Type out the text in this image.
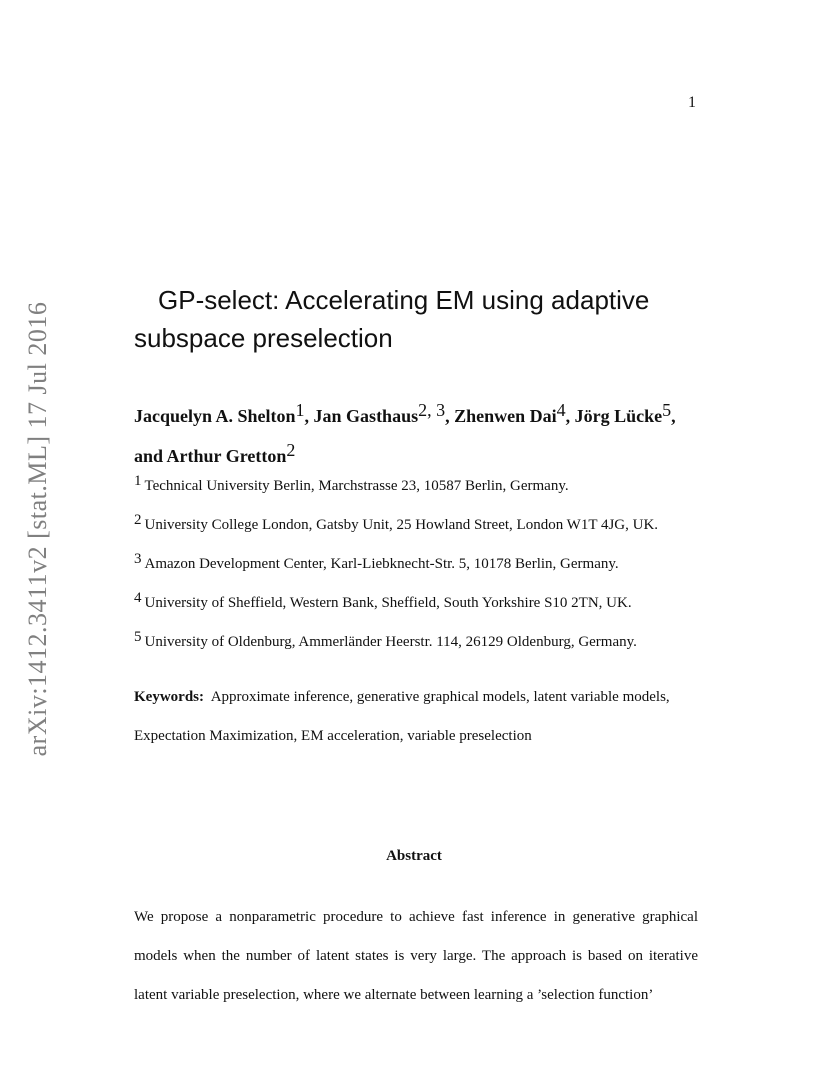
1
arXiv:1412.3411v2 [stat.ML] 17 Jul 2016
GP-select: Accelerating EM using adaptive
subspace preselection
Jacquelyn A. Shelton$^1$, Jan Gasthaus$^{2, 3}$, Zhenwen Dai$^4$, Jörg Lücke$^5$,
and Arthur Gretton$^2$
$^1$ Technical University Berlin, Marchstrasse 23, 10587 Berlin, Germany.
$^2$ University College London, Gatsby Unit, 25 Howland Street, London W1T 4JG, UK.
$^3$ Amazon Development Center, Karl-Liebknecht-Str. 5, 10178 Berlin, Germany.
$^4$ University of Sheffield, Western Bank, Sheffield, South Yorkshire S10 2TN, UK.
$^5$ University of Oldenburg, Ammerländer Heerstr. 114, 26129 Oldenburg, Germany.
Keywords: Approximate inference, generative graphical models, latent variable models, Expectation Maximization, EM acceleration, variable preselection
Abstract
We propose a nonparametric procedure to achieve fast inference in generative graphical models when the number of latent states is very large. The approach is based on iterative latent variable preselection, where we alternate between learning a ’selection function’
